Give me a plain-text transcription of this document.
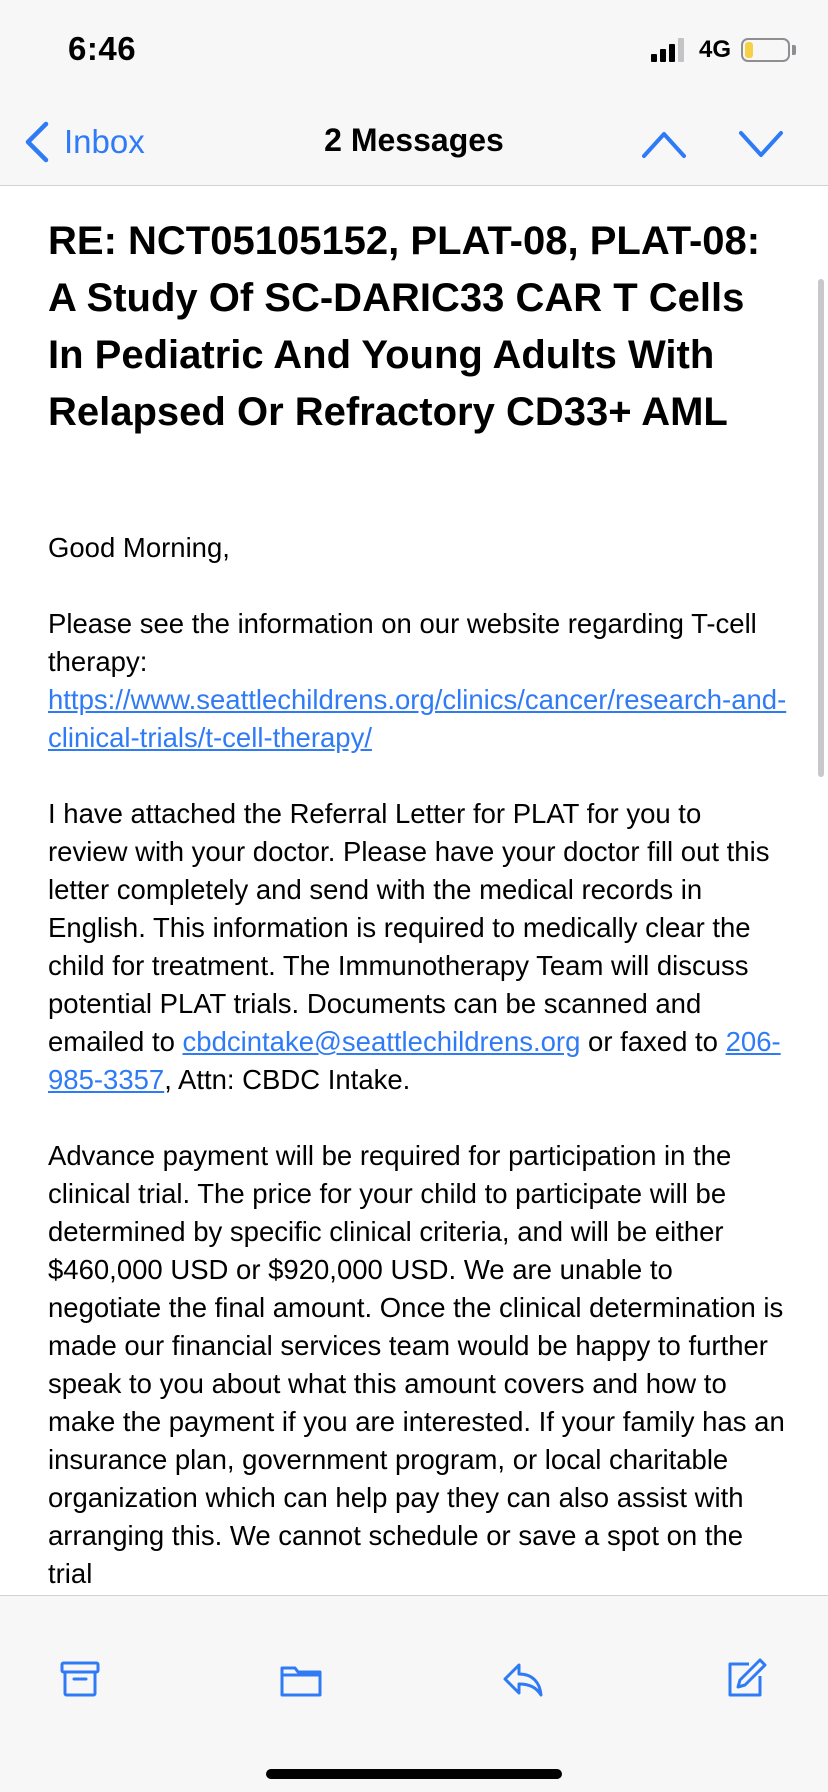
6:46	4G
2 Messages
Inbox
RE: NCT05105152, PLAT-08, PLAT-08: A Study Of SC-DARIC33 CAR T Cells In Pediatric And Young Adults With Relapsed Or Refractory CD33+ AML

Good Morning,

Please see the information on our website regarding T-cell therapy:
https://www.seattlechildrens.org/clinics/cancer/research-and-clinical-trials/t-cell-therapy/

I have attached the Referral Letter for PLAT for you to review with your doctor. Please have your doctor fill out this letter completely and send with the medical records in English. This information is required to medically clear the child for treatment. The Immunotherapy Team will discuss potential PLAT trials. Documents can be scanned and emailed to cbdcintake@seattlechildrens.org or faxed to 206-985-3357, Attn: CBDC Intake.

Advance payment will be required for participation in the clinical trial. The price for your child to participate will be determined by specific clinical criteria, and will be either $460,000 USD or $920,000 USD. We are unable to negotiate the final amount. Once the clinical determination is made our financial services team would be happy to further speak to you about what this amount covers and how to make the payment if you are interested. If your family has an insurance plan, government program, or local charitable organization which can help pay they can also assist with arranging this. We cannot schedule or save a spot on the trial
